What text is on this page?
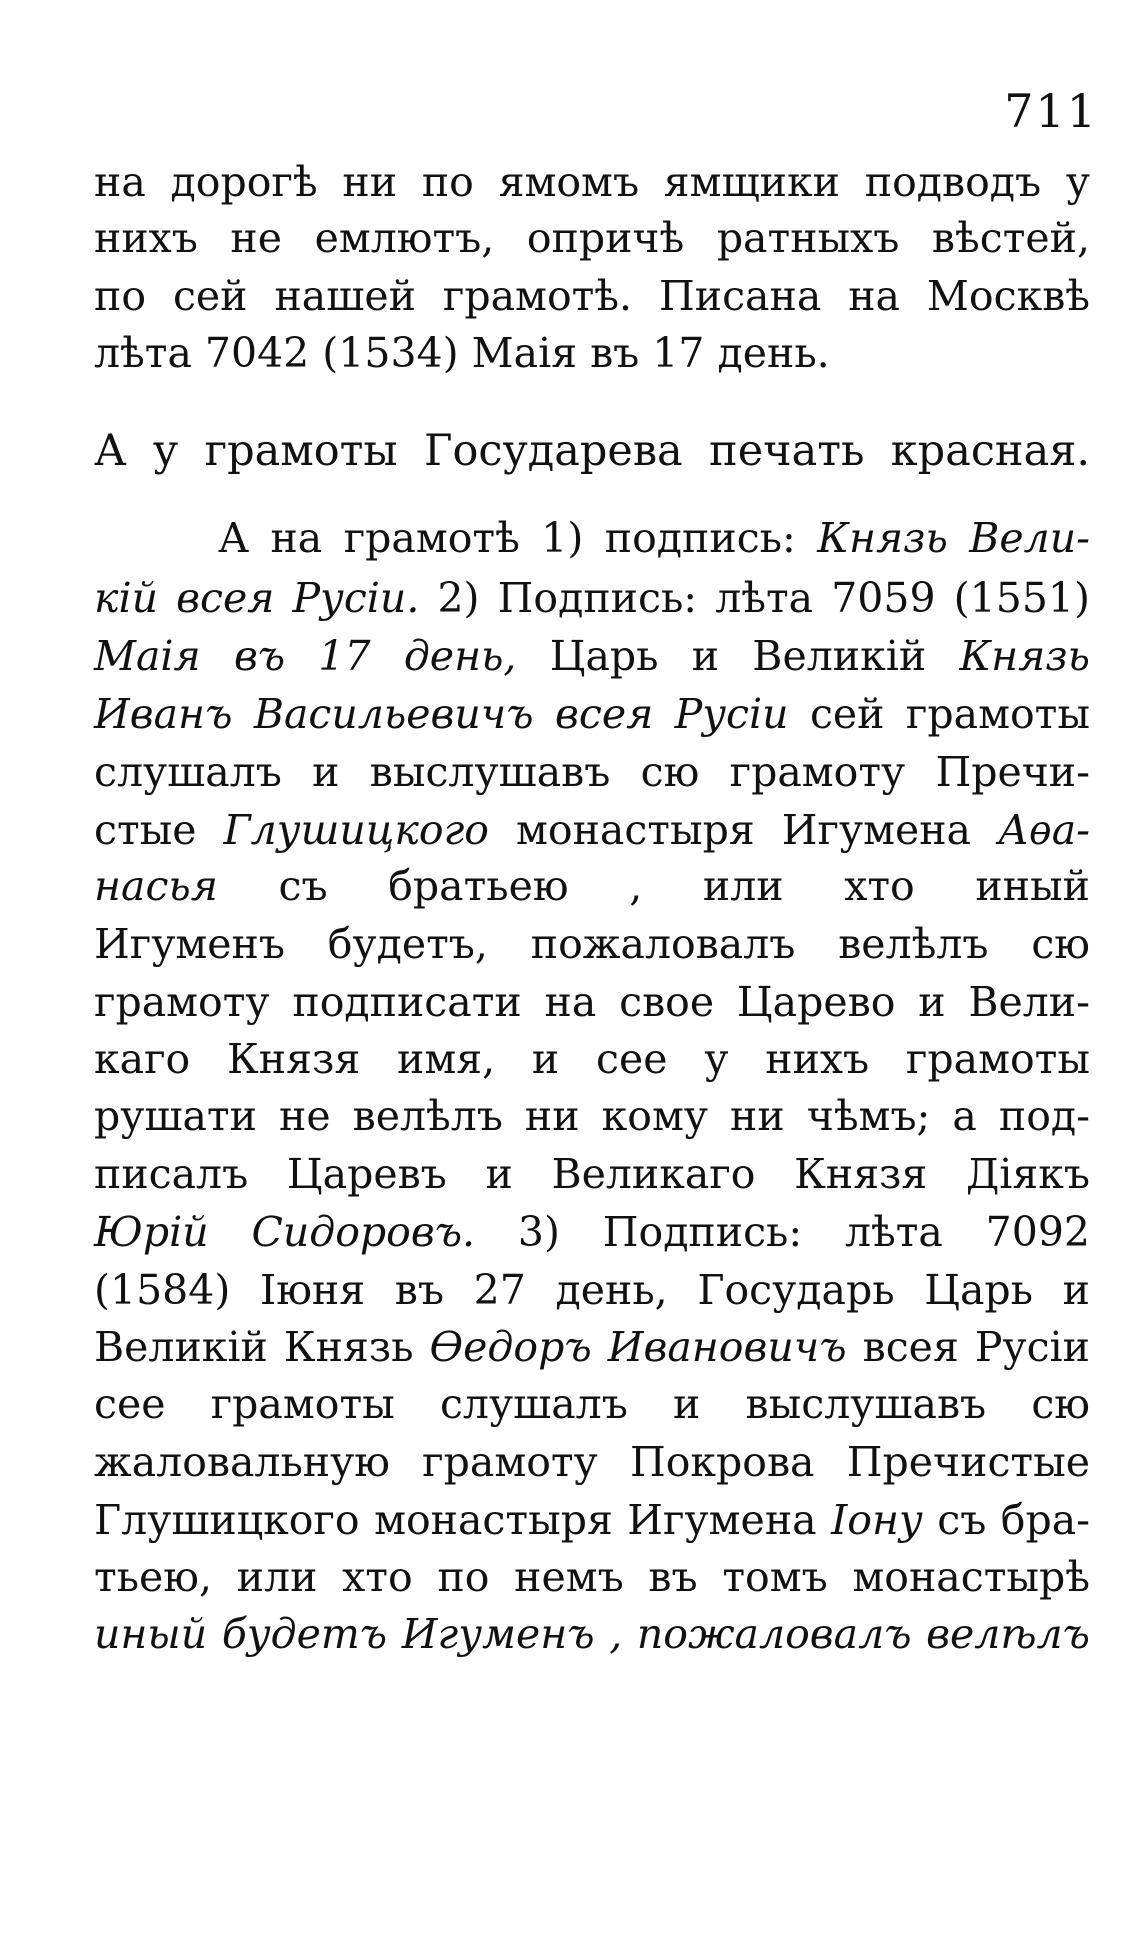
711
на дорогѣ ни по ямомъ ямщики подводъ у
нихъ не емлютъ, опричѣ ратныхъ вѣстей,
по сей нашей грамотѣ. Писана на Москвѣ
лѣта 7042 (1534) Маія въ 17 день.
А у грамоты Государева печать красная.
А на грамотѣ 1) подпись: Князь Вели-
кій всея Русіи. 2) Подпись: лѣта 7059 (1551)
Маія въ 17 день, Царь и Великій Князь
Иванъ Васильевичъ всея Русіи сей грамоты
слушалъ и выслушавъ сю грамоту Пречи-
стые Глушицкого монастыря Игумена Аѳа-
насья съ братьею , или хто иный
Игуменъ будетъ, пожаловалъ велѣлъ сю
грамоту подписати на свое Царево и Вели-
каго Князя имя, и сее у нихъ грамоты
рушати не велѣлъ ни кому ни чѣмъ; а под-
писалъ Царевъ и Великаго Князя Діякъ
Юрій Сидоровъ. 3) Подпись: лѣта 7092
(1584) Іюня въ 27 день, Государь Царь и
Великій Князь Ѳедоръ Ивановичъ всея Русіи
сее грамоты слушалъ и выслушавъ сю
жаловальную грамоту Покрова Пречистые
Глушицкого монастыря Игумена Іону съ бра-
тьею, или хто по немъ въ томъ монастырѣ
иный будетъ Игуменъ , пожаловалъ велѣлъ
